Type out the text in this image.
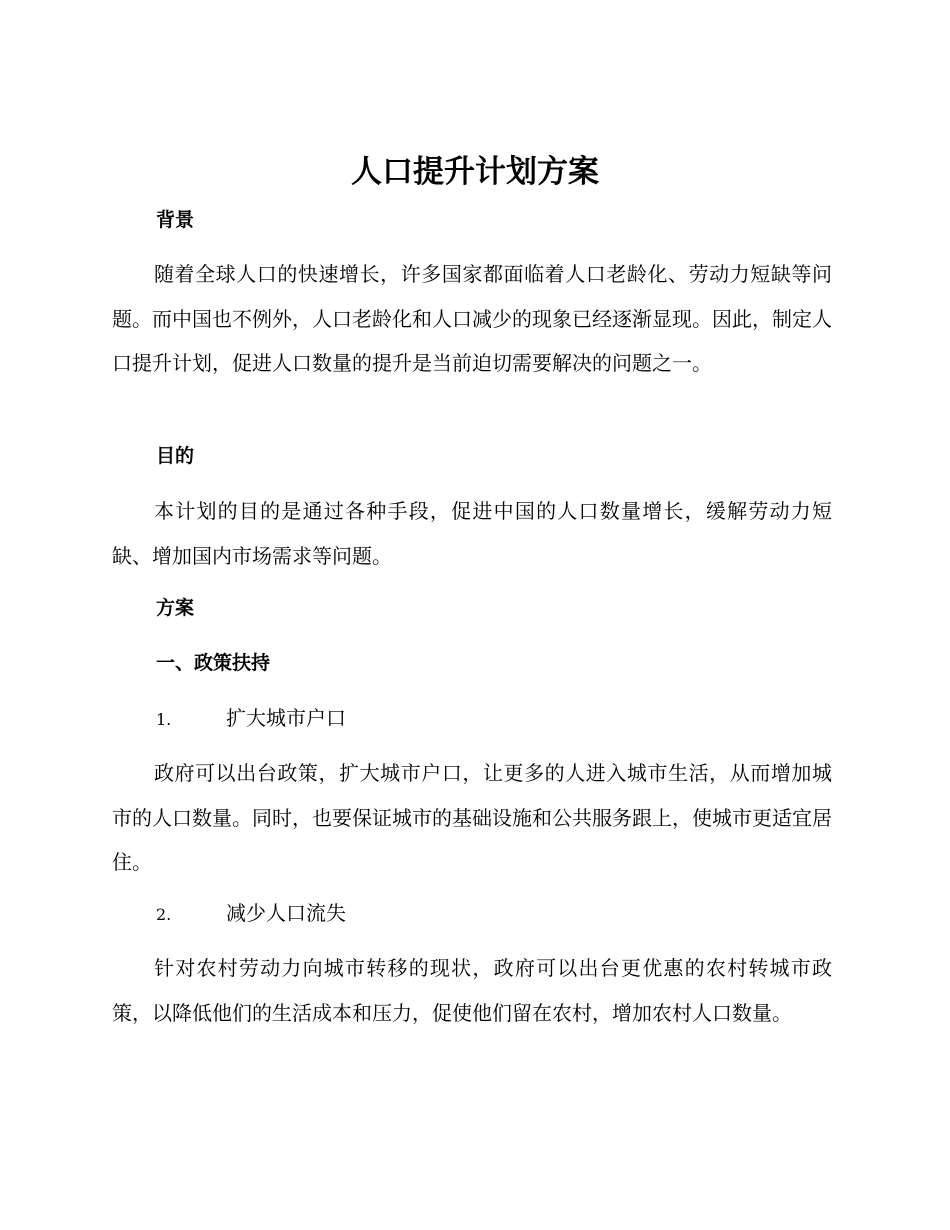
人口提升计划方案
背景

随着全球人口的快速增长，许多国家都面临着人口老龄化、劳动力短缺等问题。而中国也不例外，人口老龄化和人口减少的现象已经逐渐显现。因此，制定人口提升计划，促进人口数量的提升是当前迫切需要解决的问题之一。

目的

本计划的目的是通过各种手段，促进中国的人口数量增长，缓解劳动力短缺、增加国内市场需求等问题。

方案
一、政策扶持
1.	扩大城市户口

政府可以出台政策，扩大城市户口，让更多的人进入城市生活，从而增加城市的人口数量。同时，也要保证城市的基础设施和公共服务跟上，使城市更适宜居住。

2.	减少人口流失

针对农村劳动力向城市转移的现状，政府可以出台更优惠的农村转城市政策，以降低他们的生活成本和压力，促使他们留在农村，增加农村人口数量。
